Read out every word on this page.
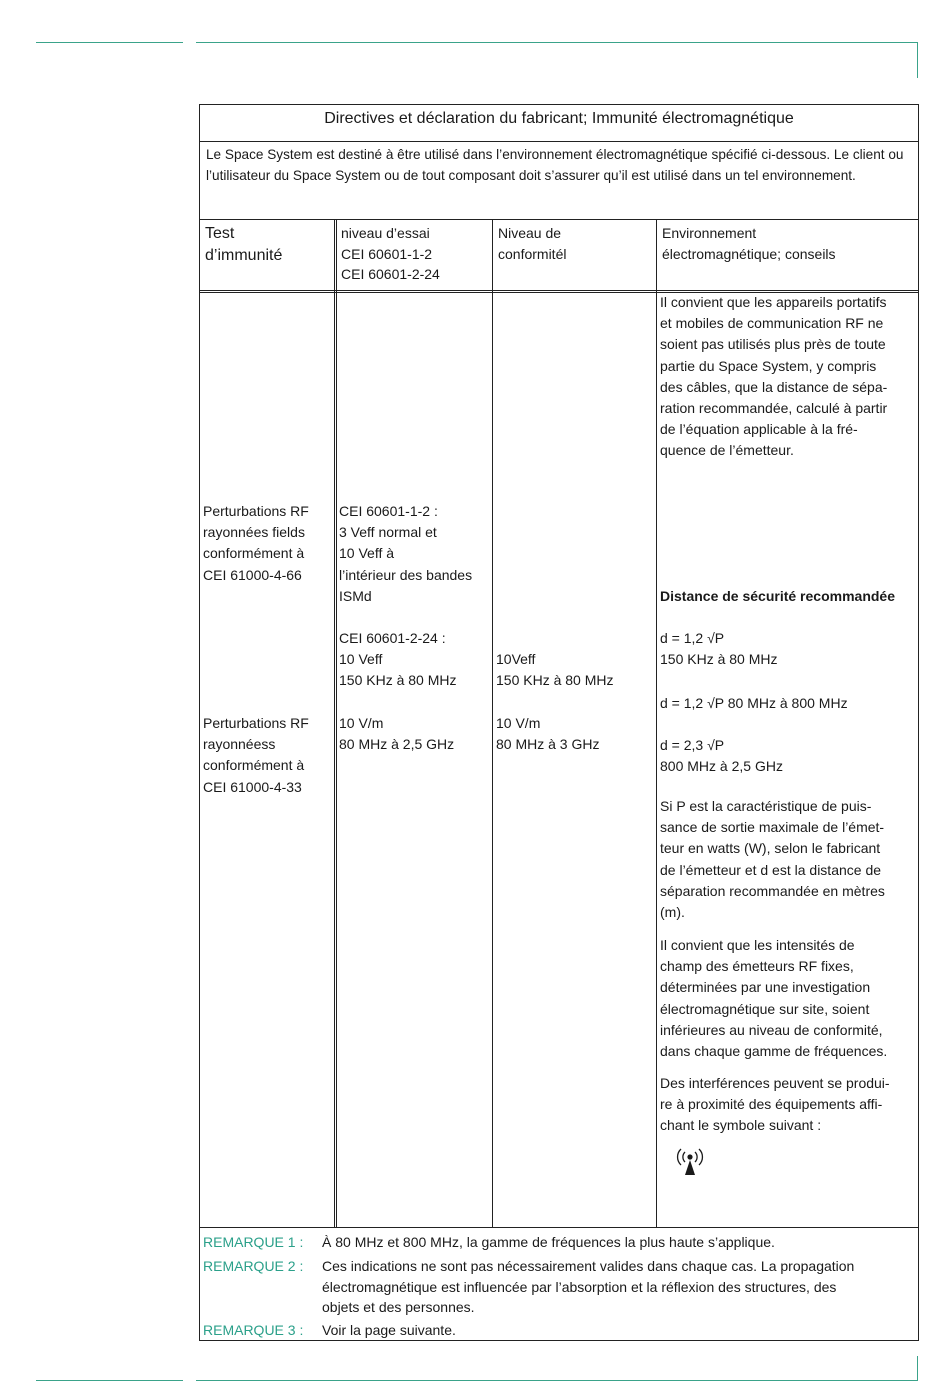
Directives et déclaration du fabricant; Immunité électromagnétique
Le Space System est destiné à être utilisé dans l’environnement électromagnétique spécifié ci-dessous. Le client ou l’utilisateur du Space System ou de tout composant doit s’assurer qu’il est utilisé dans un tel environnement.
Test
d’immunité
niveau d’essai
CEI 60601-1-2
CEI 60601-2-24
Niveau de
conformitél
Environnement
électromagnétique; conseils
Perturbations RF
rayonnées fields
conformément à
CEI 61000-4-66
Perturbations RF
rayonnéess
conformément à
CEI 61000-4-33
CEI 60601-1-2 :
3 Veff normal et
10 Veff à
l’intérieur des bandes
ISMd
CEI 60601-2-24 :
10 Veff
150 KHz à 80 MHz
10 V/m
80 MHz à 2,5 GHz
10Veff
150 KHz à 80 MHz
10 V/m
80 MHz à 3 GHz
Il convient que les appareils portatifs
et mobiles de communication RF ne
soient pas utilisés plus près de toute
partie du Space System, y compris
des câbles, que la distance de sépa-
ration recommandée, calculé à partir
de l’équation applicable à la fré-
quence de l’émetteur.
Distance de sécurité recommandée
d = 1,2 √P
150 KHz à 80 MHz
d = 1,2 √P 80 MHz à 800 MHz
d = 2,3 √P
800 MHz à 2,5 GHz
Si P est la caractéristique de puis-
sance de sortie maximale de l’émet-
teur en watts (W), selon le fabricant
de l’émetteur et d est la distance de
séparation recommandée en mètres
(m).
Il convient que les intensités de
champ des émetteurs RF fixes,
déterminées par une investigation
électromagnétique sur site, soient
inférieures au niveau de conformité,
dans chaque gamme de fréquences.
Des interférences peuvent se produi-
re à proximité des équipements affi-
chant le symbole suivant :
REMARQUE 1 : À 80 MHz et 800 MHz, la gamme de fréquences la plus haute s’applique.
REMARQUE 2 : Ces indications ne sont pas nécessairement valides dans chaque cas. La propagation
électromagnétique est influencée par l’absorption et la réflexion des structures, des
objets et des personnes.
REMARQUE 3 : Voir la page suivante.
